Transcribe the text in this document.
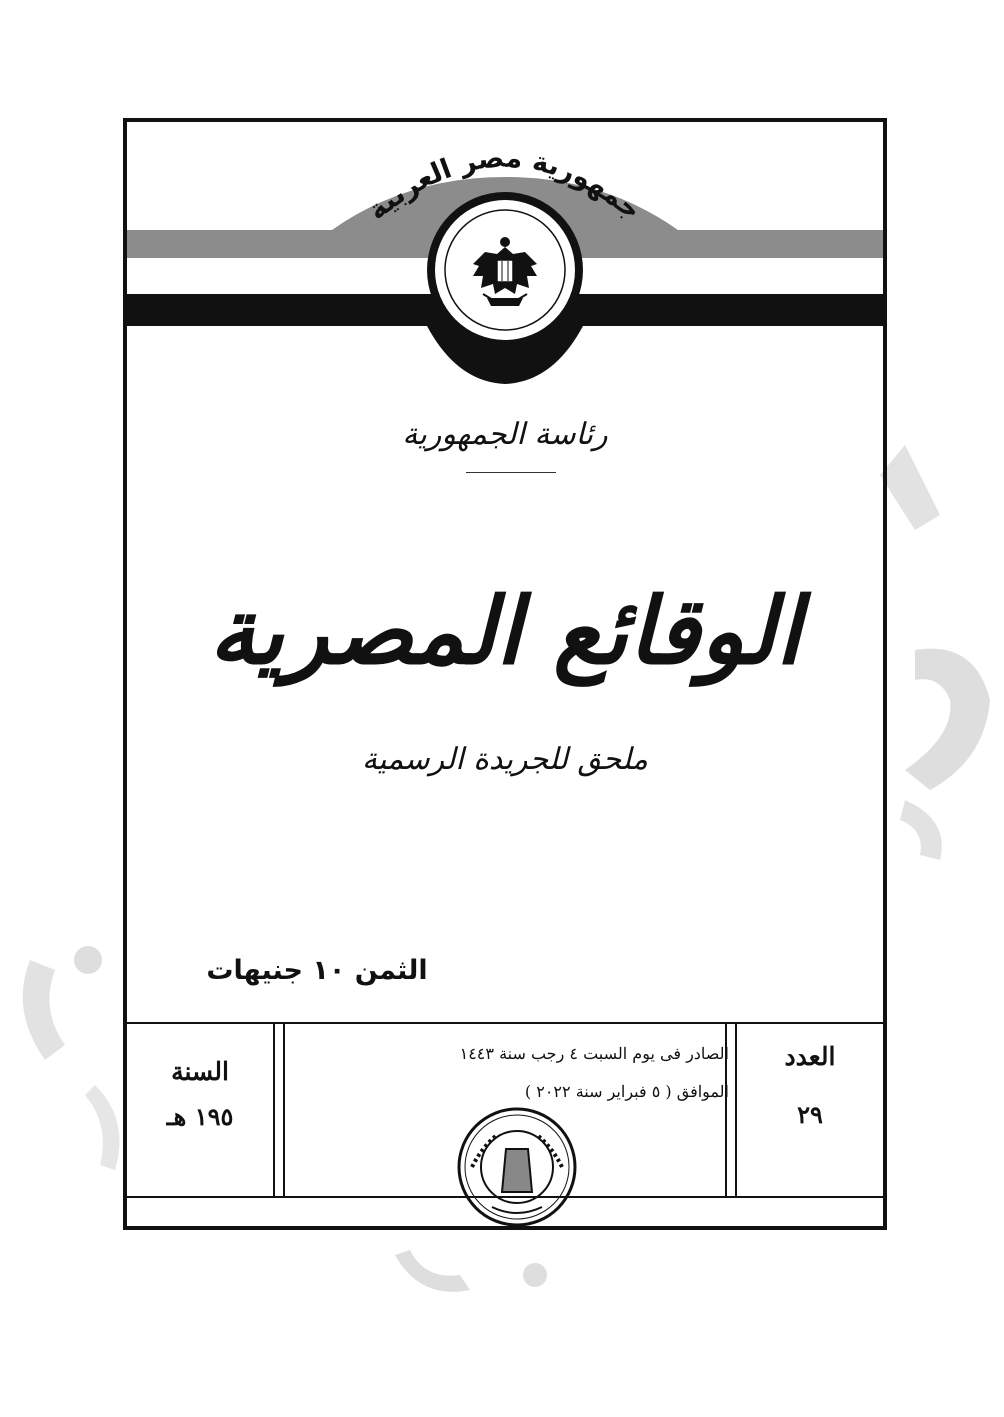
جمهورية مصر العربية
رئاسة الجمهورية
الوقائع المصرية
ملحق للجريدة الرسمية
الثمن ١٠ جنيهات
السنة
١٩٥ هـ
العدد
٢٩
الصادر فى يوم السبت ٤ رجب سنة ١٤٤٣
الموافق ( ٥ فبراير سنة ٢٠٢٢ )
